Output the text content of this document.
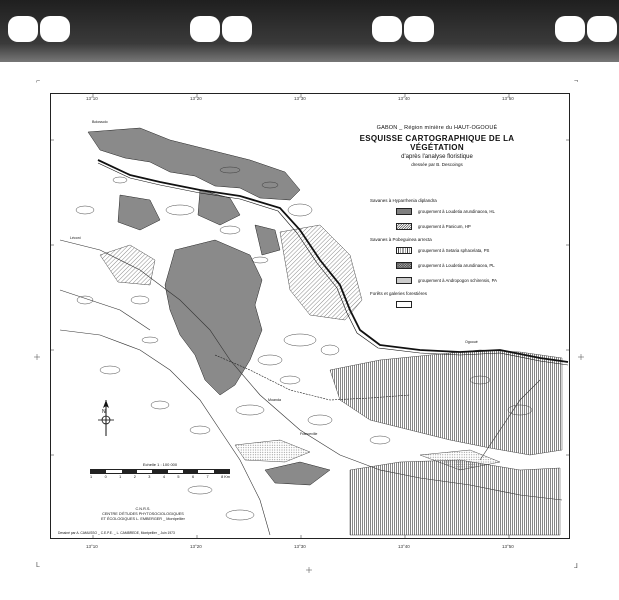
⌐	¬
L	⅃
13°10	13°20	13°30	13°40	13°50
13°10	13°20	13°30	13°40	13°50
GABON _ Région minière du HAUT-OGOOUÉ
ESQUISSE CARTOGRAPHIQUE DE LA VÉGÉTATION
d'après l'analyse floristique
dressée par B. Descoings
Savanes à Hyparrhenia diplandra
groupement à Loudetia arundinacea, HL
groupement à Panicum, HP
Savanes à Pobeguinea arrecta
groupement à Setaria sphacelata, PS
groupement à Loudetia arundinacea, PL
groupement à Andropogon schirensis, PA
Forêts et galeries forestières
Bolossolo
Léconi
Ogooué
Moanda
Franceville
N
Echelle 1 : 100 000
1	0	1	2	3	4	5	6	7	8 Km
C.N.R.S.
CENTRE D'ÉTUDES PHYTOSOCIOLOGIQUES
ET ÉCOLOGIQUES L. EMBERGER _ Montpellier
Dessiné par A. CAMUSSO _ C.E.P.E. _ L. CAMBREDE, Montpellier _ Juin 1973
